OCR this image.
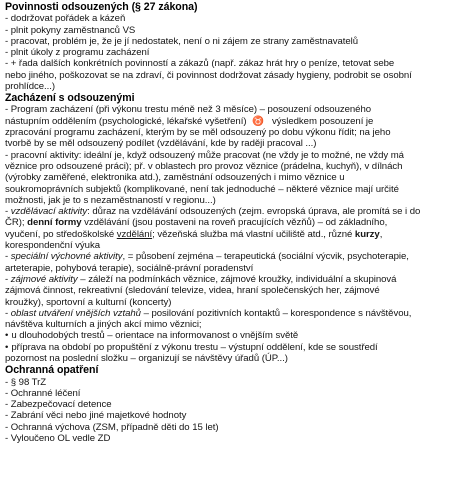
Povinnosti odsouzených (§ 27 zákona)
- dodržovat pořádek a kázeň
- plnit pokyny zaměstnanců VS
- pracovat, problém je, že je jí nedostatek, není o ni zájem ze strany zaměstnavatelů
- plnit úkoly z programu zacházení
- + řada dalších konkrétních povinností a zákazů (např. zákaz hrát hry o peníze, tetovat sebe
nebo jiného, poškozovat se na zdraví, či povinnost dodržovat zásady hygieny, podrobit se osobní
prohlídce...)
Zacházení s odsouzenými
- Program zacházení (při výkonu trestu méně než 3 měsíce) – posouzení odsouzeného
nástupním oddělením (psychologické, lékařské vyšetření) ♉ výsledkem posouzení je
zpracování programu zacházení, kterým by se měl odsouzený po dobu výkonu řídit; na jeho
tvorbě by se měl odsouzený podílet (vzdělávání, kde by raději pracoval ...)
- pracovní aktivity: ideální je, když odsouzený může pracovat (ne vždy je to možné, ne vždy má
věznice pro odsouzené práci); př. v oblastech pro provoz věznice (prádelna, kuchyň), v dílnách
(výrobky zaměřené, elektronika atd.), zaměstnání odsouzených i mimo věznice u
soukromoprávních subjektů (komplikované, není tak jednoduché – některé věznice mají určité
možnosti, jak je to s nezaměstnaností v regionu...)
- vzdělávací aktivity: důraz na vzdělávání odsouzených (zejm. evropská úprava, ale promítá se i do
ČR); denní formy vzdělávání (jsou postaveni na roveň pracujících vězňů) – od základního,
vyučení, po středoškolské vzdělání; vězeňská služba má vlastní učiliště atd., různé kurzy,
korespondenční výuka
- speciální výchovné aktivity, = působení zejména – terapeutická (sociální výcvik, psychoterapie,
arteterapie, pohybová terapie), sociálně-právní poradenství
- zájmové aktivity – záleží na podmínkách věznice, zájmové kroužky, individuální a skupinová
zájmová činnost, rekreativní (sledování televize, videa, hraní společenských her, zájmové
kroužky), sportovní a kulturní (koncerty)
- oblast utváření vnějších vztahů – posilování pozitivních kontaktů – korespondence s návštěvou,
návštěva kulturních a jiných akcí mimo věznici;
• u dlouhodobých trestů – orientace na informovanost o vnějším světě
• příprava na období po propuštění z výkonu trestu – výstupní oddělení, kde se soustředí
pozornost na poslední složku – organizují se návštěvy úřadů (ÚP...)
Ochranná opatření
- § 98 TrZ
- Ochranné léčení
- Zabezpečovací detence
- Zabrání věci nebo jiné majetkové hodnoty
- Ochranná výchova (ZSM, případně děti do 15 let)
- Vyloučeno OL vedle ZD
